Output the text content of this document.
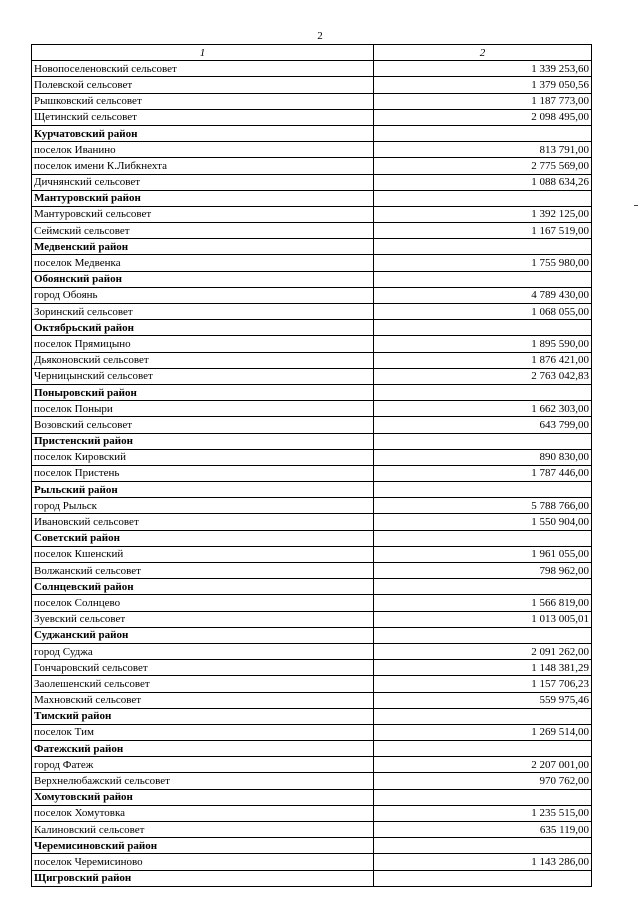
2
1	2
Новопоселеновский сельсовет	1 339 253,60
Полевской сельсовет	1 379 050,56
Рышковский сельсовет	1 187 773,00
Щетинский сельсовет	2 098 495,00
Курчатовский район	
поселок Иванино	813 791,00
поселок имени К.Либкнехта	2 775 569,00
Дичнянский сельсовет	1 088 634,26
Мантуровский район	
Мантуровский сельсовет	1 392 125,00
Сеймский сельсовет	1 167 519,00
Медвенский район	
поселок Медвенка	1 755 980,00
Обоянский район	
город Обоянь	4 789 430,00
Зоринский сельсовет	1 068 055,00
Октябрьский район	
поселок Прямицыно	1 895 590,00
Дьяконовский сельсовет	1 876 421,00
Черницынский сельсовет	2 763 042,83
Поныровский район	
поселок Поныри	1 662 303,00
Возовский сельсовет	643 799,00
Пристенский район	
поселок Кировский	890 830,00
поселок Пристень	1 787 446,00
Рыльский район	
город Рыльск	5 788 766,00
Ивановский сельсовет	1 550 904,00
Советский район	
поселок Кшенский	1 961 055,00
Волжанский сельсовет	798 962,00
Солнцевский район	
поселок Солнцево	1 566 819,00
Зуевский сельсовет	1 013 005,01
Суджанский район	
город Суджа	2 091 262,00
Гончаровский сельсовет	1 148 381,29
Заолешенский сельсовет	1 157 706,23
Махновский сельсовет	559 975,46
Тимский район	
поселок Тим	1 269 514,00
Фатежский район	
город Фатеж	2 207 001,00
Верхнелюбажский сельсовет	970 762,00
Хомутовский район	
поселок Хомутовка	1 235 515,00
Калиновский сельсовет	635 119,00
Черемисиновский район	
поселок Черемисиново	1 143 286,00
Щигровский район	
